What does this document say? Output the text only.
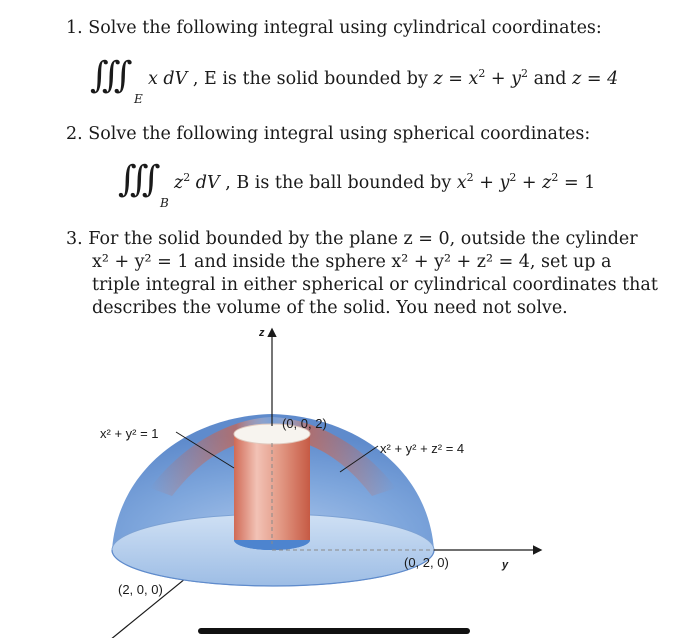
1. Solve the following integral using cylindrical coordinates:
∭
E
x dV , E is the solid bounded by $z = x^2 + y^2$ and z = 4
2. Solve the following integral using spherical coordinates:
∭
B
$z^2$ dV , B is the ball bounded by $x^2 + y^2 + z^2 = 1$
3. For the solid bounded by the plane z = 0, outside the cylinder
x² + y² = 1 and inside the sphere x² + y² + z² = 4, set up a
triple integral in either spherical or cylindrical coordinates that
describes the volume of the solid. You need not solve.
z
y
x² + y² = 1
(0, 0, 2)
x² + y² + z² = 4
(0, 2, 0)
(2, 0, 0)
